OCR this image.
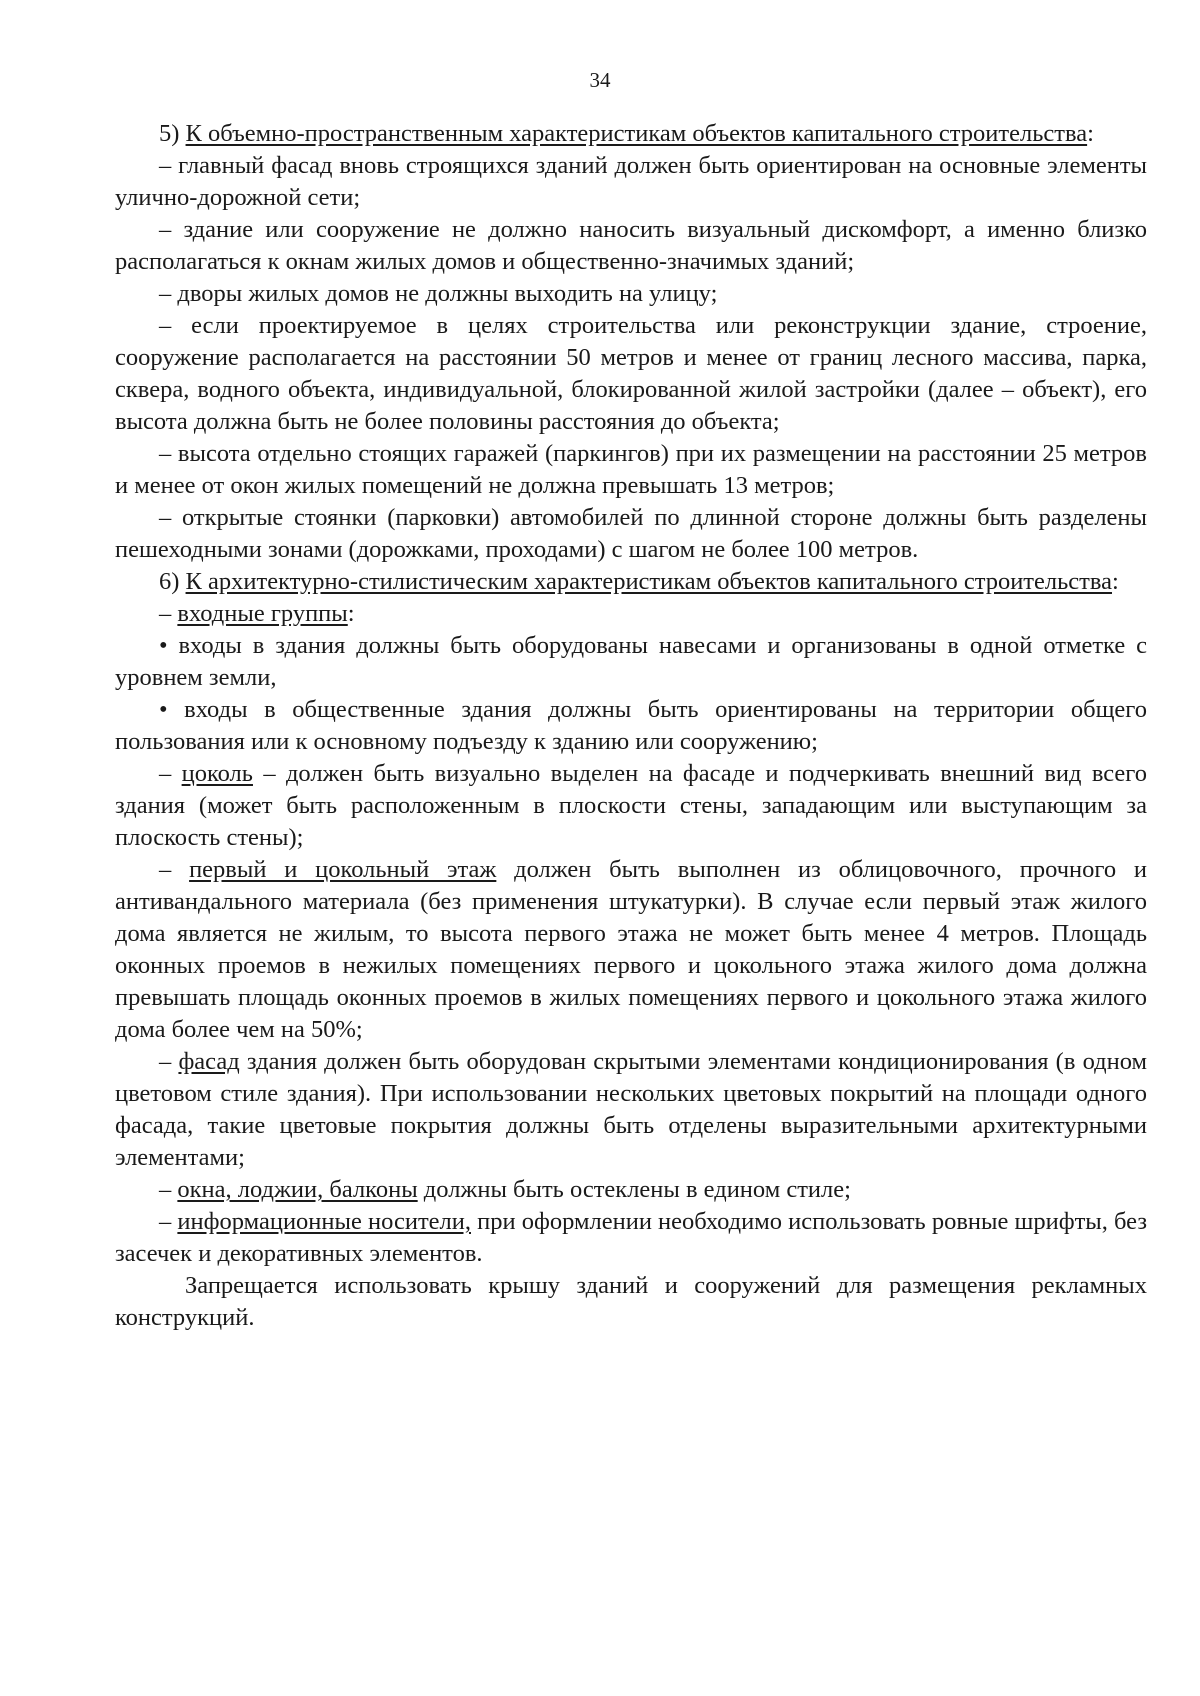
34

5) К объемно-пространственным характеристикам объектов капитального строительства:

– главный фасад вновь строящихся зданий должен быть ориентирован на основные элементы улично-дорожной сети;

– здание или сооружение не должно наносить визуальный дискомфорт, а именно близко располагаться к окнам жилых домов и общественно-значимых зданий;

– дворы жилых домов не должны выходить на улицу;

– если проектируемое в целях строительства или реконструкции здание, строение, сооружение располагается на расстоянии 50 метров и менее от границ лесного массива, парка, сквера, водного объекта, индивидуальной, блокированной жилой застройки (далее – объект), его высота должна быть не более половины расстояния до объекта;

– высота отдельно стоящих гаражей (паркингов) при их размещении на расстоянии 25 метров и менее от окон жилых помещений не должна превышать 13 метров;

– открытые стоянки (парковки) автомобилей по длинной стороне должны быть разделены пешеходными зонами (дорожками, проходами) с шагом не более 100 метров.

6) К архитектурно-стилистическим характеристикам объектов капитального строительства:

– входные группы:

• входы в здания должны быть оборудованы навесами и организованы в одной отметке с уровнем земли,

• входы в общественные здания должны быть ориентированы на территории общего пользования или к основному подъезду к зданию или сооружению;

– цоколь – должен быть визуально выделен на фасаде и подчеркивать внешний вид всего здания (может быть расположенным в плоскости стены, западающим или выступающим за плоскость стены);

– первый и цокольный этаж должен быть выполнен из облицовочного, прочного и антивандального материала (без применения штукатурки). В случае если первый этаж жилого дома является не жилым, то высота первого этажа не может быть менее 4 метров. Площадь оконных проемов в нежилых помещениях первого и цокольного этажа жилого дома должна превышать площадь оконных проемов в жилых помещениях первого и цокольного этажа жилого дома более чем на 50%;

– фасад здания должен быть оборудован скрытыми элементами кондиционирования (в одном цветовом стиле здания). При использовании нескольких цветовых покрытий на площади одного фасада, такие цветовые покрытия должны быть отделены выразительными архитектурными элементами;

– окна, лоджии, балконы должны быть остеклены в едином стиле;

– информационные носители, при оформлении необходимо использовать ровные шрифты, без засечек и декоративных элементов.

Запрещается использовать крышу зданий и сооружений для размещения рекламных конструкций.
